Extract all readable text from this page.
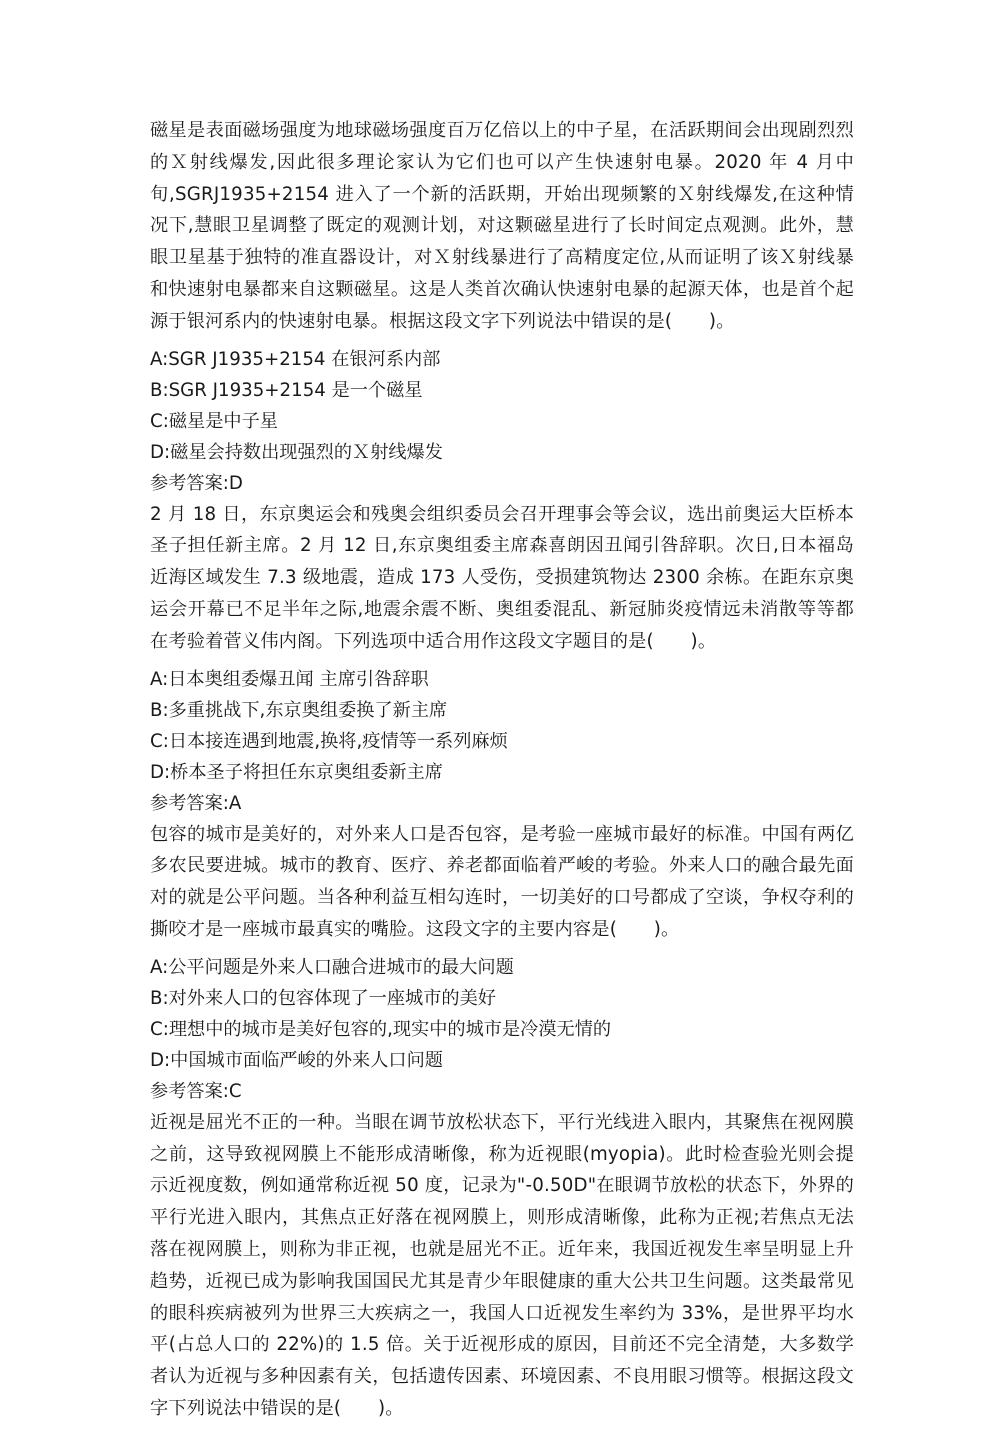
磁星是表面磁场强度为地球磁场强度百万亿倍以上的中子星，在活跃期间会出现剧烈烈的Ｘ射线爆发,因此很多理论家认为它们也可以产生快速射电暴。2020 年 4 月中旬,SGRJ1935+2154 进入了一个新的活跃期，开始出现频繁的Ｘ射线爆发,在这种情况下,慧眼卫星调整了既定的观测计划，对这颗磁星进行了长时间定点观测。此外，慧眼卫星基于独特的准直器设计，对Ｘ射线暴进行了高精度定位,从而证明了该Ｘ射线暴和快速射电暴都来自这颗磁星。这是人类首次确认快速射电暴的起源天体，也是首个起源于银河系内的快速射电暴。根据这段文字下列说法中错误的是(　　)。

A:SGR J1935+2154 在银河系内部
B:SGR J1935+2154 是一个磁星
C:磁星是中子星
D:磁星会持数出现强烈的Ｘ射线爆发

参考答案:D

2 月 18 日，东京奥运会和残奥会组织委员会召开理事会等会议，选出前奥运大臣桥本圣子担任新主席。2 月 12 日,东京奥组委主席森喜朗因丑闻引咎辞职。次日,日本福岛近海区域发生 7.3 级地震，造成 173 人受伤，受损建筑物达 2300 余栋。在距东京奥运会开幕已不足半年之际,地震余震不断、奥组委混乱、新冠肺炎疫情远未消散等等都在考验着菅义伟内阁。下列选项中适合用作这段文字题目的是(　　)。

A:日本奥组委爆丑闻 主席引咎辞职
B:多重挑战下,东京奥组委换了新主席
C:日本接连遇到地震,换将,疫情等一系列麻烦
D:桥本圣子将担任东京奥组委新主席

参考答案:A

包容的城市是美好的，对外来人口是否包容，是考验一座城市最好的标准。中国有两亿多农民要进城。城市的教育、医疗、养老都面临着严峻的考验。外来人口的融合最先面对的就是公平问题。当各种利益互相勾连时，一切美好的口号都成了空谈，争权夺利的撕咬才是一座城市最真实的嘴脸。这段文字的主要内容是(　　)。

A:公平问题是外来人口融合进城市的最大问题
B:对外来人口的包容体现了一座城市的美好
C:理想中的城市是美好包容的,现实中的城市是冷漠无情的
D:中国城市面临严峻的外来人口问题

参考答案:C

近视是屈光不正的一种。当眼在调节放松状态下，平行光线进入眼内，其聚焦在视网膜之前，这导致视网膜上不能形成清晰像，称为近视眼(myopia)。此时检查验光则会提示近视度数，例如通常称近视 50 度，记录为"-0.50D"在眼调节放松的状态下，外界的平行光进入眼内，其焦点正好落在视网膜上，则形成清晰像，此称为正视;若焦点无法落在视网膜上，则称为非正视，也就是屈光不正。近年来，我国近视发生率呈明显上升趋势，近视已成为影响我国国民尤其是青少年眼健康的重大公共卫生问题。这类最常见的眼科疾病被列为世界三大疾病之一，我国人口近视发生率约为 33%，是世界平均水平(占总人口的 22%)的 1.5 倍。关于近视形成的原因，目前还不完全清楚，大多数学者认为近视与多种因素有关，包括遗传因素、环境因素、不良用眼习惯等。根据这段文字下列说法中错误的是(　　)。
